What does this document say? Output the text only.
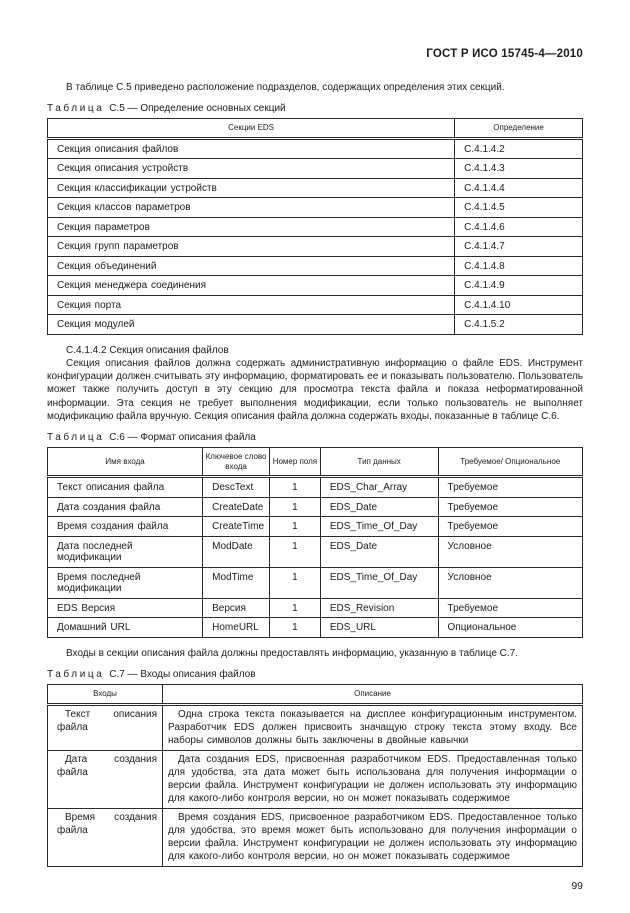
ГОСТ Р ИСО 15745-4—2010

В таблице С.5 приведено расположение подразделов, содержащих определения этих секций.

Таблица С.5 — Определение основных секций
Секции EDS	Определение
Секция описания файлов	С.4.1.4.2
Секция описания устройств	С.4.1.4.3
Секция классификации устройств	С.4.1.4.4
Секция классов параметров	С.4.1.4.5
Секция параметров	С.4.1.4.6
Секция групп параметров	С.4.1.4.7
Секция объединений	С.4.1.4.8
Секция менеджера соединения	С.4.1.4.9
Секция порта	С.4.1.4.10
Секция модулей	С.4.1.5.2

С.4.1.4.2 Секция описания файлов

Секция описания файлов должна содержать административную информацию о файле EDS. Инструмент конфигурации должен считывать эту информацию, форматировать ее и показывать пользователю. Пользователь может также получить доступ в эту секцию для просмотра текста файла и показа неформатированной информации. Эта секция не требует выполнения модификации, если только пользователь не выполняет модификацию файла вручную. Секция описания файла должна содержать входы, показанные в таблице С.6.

Таблица С.6 — Формат описания файла
Имя входа	Ключевое слово входа	Номер поля	Тип данных	Требуемое/ Опциональное
Текст описания файла	DescText	1	EDS_Char_Array	Требуемое
Дата создания файла	CreateDate	1	EDS_Date	Требуемое
Время создания файла	CreateTime	1	EDS_Time_Of_Day	Требуемое
Дата последней модификации	ModDate	1	EDS_Date	Условное
Время последней модификации	ModTime	1	EDS_Time_Of_Day	Условное
EDS Версия	Версия	1	EDS_Revision	Требуемое
Домашний URL	HomeURL	1	EDS_URL	Опциональное

Входы в секции описания файла должны предоставлять информацию, указанную в таблице С.7.

Таблица С.7 — Входы описания файлов
Входы	Описание
Текст описания файла	Одна строка текста показывается на дисплее конфигурационным инструментом. Разработчик EDS должен присвоить значащую строку текста этому входу. Все наборы символов должны быть заключены в двойные кавычки
Дата создания файла	Дата создания EDS, присвоенная разработчиком EDS. Предоставленная только для удобства, эта дата может быть использована для получения информации о версии файла. Инструмент конфигурации не должен использовать эту информацию для какого-либо контроля версии, но он может показывать содержимое
Время создания файла	Время создания EDS, присвоенное разработчиком EDS. Предоставленное только для удобства, это время может быть использовано для получения информации о версии файла. Инструмент конфигурации не должен использовать эту информацию для какого-либо контроля версии, но он может показывать содержимое
99
